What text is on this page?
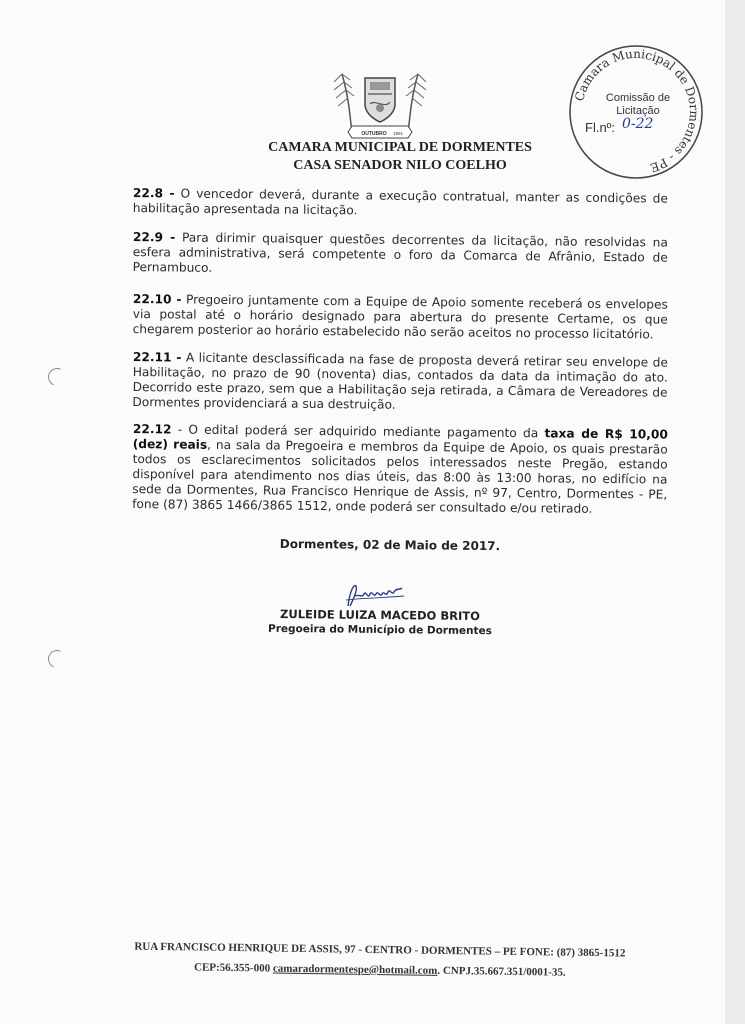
OUTUBRO 1991
CAMARA MUNICIPAL DE DORMENTES
CASA SENADOR NILO COELHO
Camara Municipal de Dormentes - PE
Comissão de
Licitação
Fl.nº: 0-22
22.8 - O vencedor deverá, durante a execução contratual, manter as condições de habilitação apresentada na licitação.
22.9 - Para dirimir quaisquer questões decorrentes da licitação, não resolvidas na esfera administrativa, será competente o foro da Comarca de Afrânio, Estado de Pernambuco.
22.10 - Pregoeiro juntamente com a Equipe de Apoio somente receberá os envelopes via postal até o horário designado para abertura do presente Certame, os que chegarem posterior ao horário estabelecido não serão aceitos no processo licitatório.
22.11 - A licitante desclassificada na fase de proposta deverá retirar seu envelope de Habilitação, no prazo de 90 (noventa) dias, contados da data da intimação do ato. Decorrido este prazo, sem que a Habilitação seja retirada, a Câmara de Vereadores de Dormentes providenciará a sua destruição.
22.12 - O edital poderá ser adquirido mediante pagamento da taxa de R$ 10,00 (dez) reais, na sala da Pregoeira e membros da Equipe de Apoio, os quais prestarão todos os esclarecimentos solicitados pelos interessados neste Pregão, estando disponível para atendimento nos dias úteis, das 8:00 às 13:00 horas, no edifício na sede da Dormentes, Rua Francisco Henrique de Assis, nº 97, Centro, Dormentes - PE, fone (87) 3865 1466/3865 1512, onde poderá ser consultado e/ou retirado.
Dormentes, 02 de Maio de 2017.
ZULEIDE LUIZA MACEDO BRITO
Pregoeira do Município de Dormentes
RUA FRANCISCO HENRIQUE DE ASSIS, 97 - CENTRO - DORMENTES – PE FONE: (87) 3865-1512
CEP:56.355-000 camaradormentespe@hotmail.com. CNPJ.35.667.351/0001-35.
